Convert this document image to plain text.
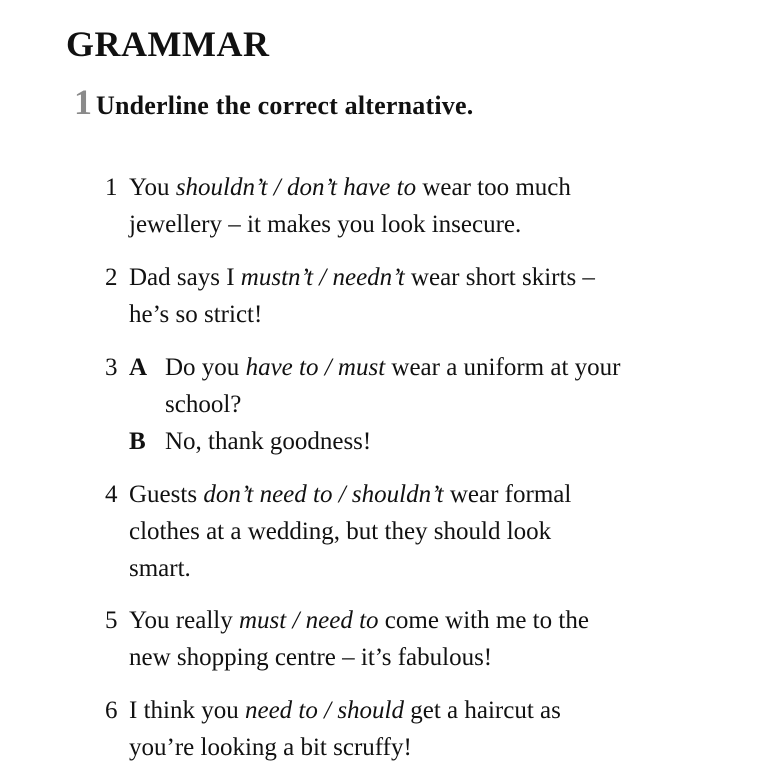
GRAMMAR
1 Underline the correct alternative.
1 You shouldn’t / don’t have to wear too much
jewellery – it makes you look insecure.
2 Dad says I mustn’t / needn’t wear short skirts –
he’s so strict!
3 A Do you have to / must wear a uniform at your
school?
B No, thank goodness!
4 Guests don’t need to / shouldn’t wear formal
clothes at a wedding, but they should look
smart.
5 You really must / need to come with me to the
new shopping centre – it’s fabulous!
6 I think you need to / should get a haircut as
you’re looking a bit scruffy!
